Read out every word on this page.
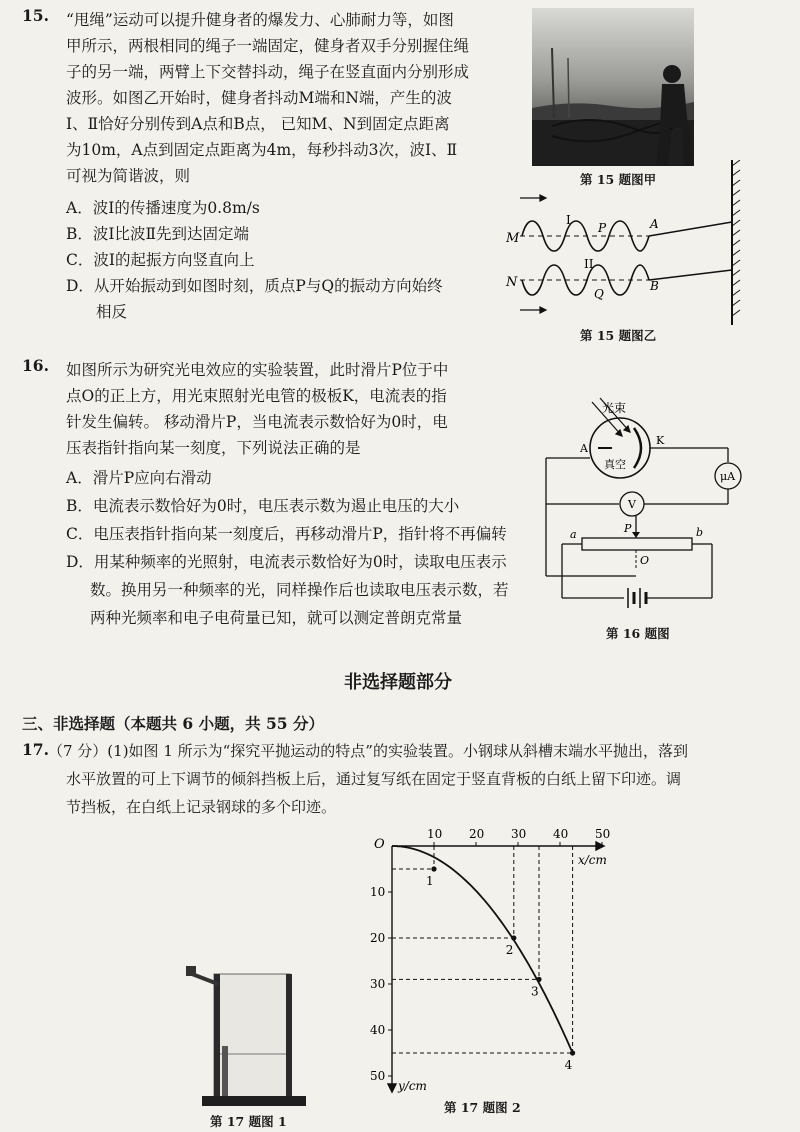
15. “甩绳”运动可以提升健身者的爆发力、心肺耐力等，如图
甲所示，两根相同的绳子一端固定，健身者双手分别握住绳
子的另一端，两臂上下交替抖动，绳子在竖直面内分别形成
波形。如图乙开始时，健身者抖动M端和N端，产生的波
Ⅰ、Ⅱ恰好分别传到A点和B点， 已知M、N到固定点距离
为10m，A点到固定点距离为4m，每秒抖动3次，波Ⅰ、Ⅱ
可视为简谐波，则
A．波Ⅰ的传播速度为0.8m/s
B．波Ⅰ比波Ⅱ先到达固定端
C．波Ⅰ的起振方向竖直向上
D．从开始振动到如图时刻，质点P与Q的振动方向始终
相反
第 15 题图甲
M
N
I
II
P
Q
A
B
第 15 题图乙
16. 如图所示为研究光电效应的实验装置，此时滑片P位于中
点O的正上方，用光束照射光电管的极板K，电流表的指
针发生偏转。 移动滑片P，当电流表示数恰好为0时，电
压表指针指向某一刻度，下列说法正确的是
A．滑片P应向右滑动
B．电流表示数恰好为0时，电压表示数为遏止电压的大小
C．电压表指针指向某一刻度后，再移动滑片P，指针将不再偏转
D．用某种频率的光照射，电流表示数恰好为0时，读取电压表示
数。换用另一种频率的光，同样操作后也读取电压表示数，若
两种光频率和电子电荷量已知，就可以测定普朗克常量
光束
A
K
真空
μA
V
P
a	b
O
第 16 题图
非选择题部分
三、非选择题（本题共 6 小题，共 55 分）
17. （7 分）(1)如图 1 所示为“探究平抛运动的特点”的实验装置。小钢球从斜槽末端水平抛出，落到
水平放置的可上下调节的倾斜挡板上后，通过复写纸在固定于竖直背板的白纸上留下印迹。调
节挡板，在白纸上记录钢球的多个印迹。
第 17 题图 1
O
x/cm
y/cm
10 20 30 40 50
10
20
30
40
50
1
2
3
4
第 17 题图 2
